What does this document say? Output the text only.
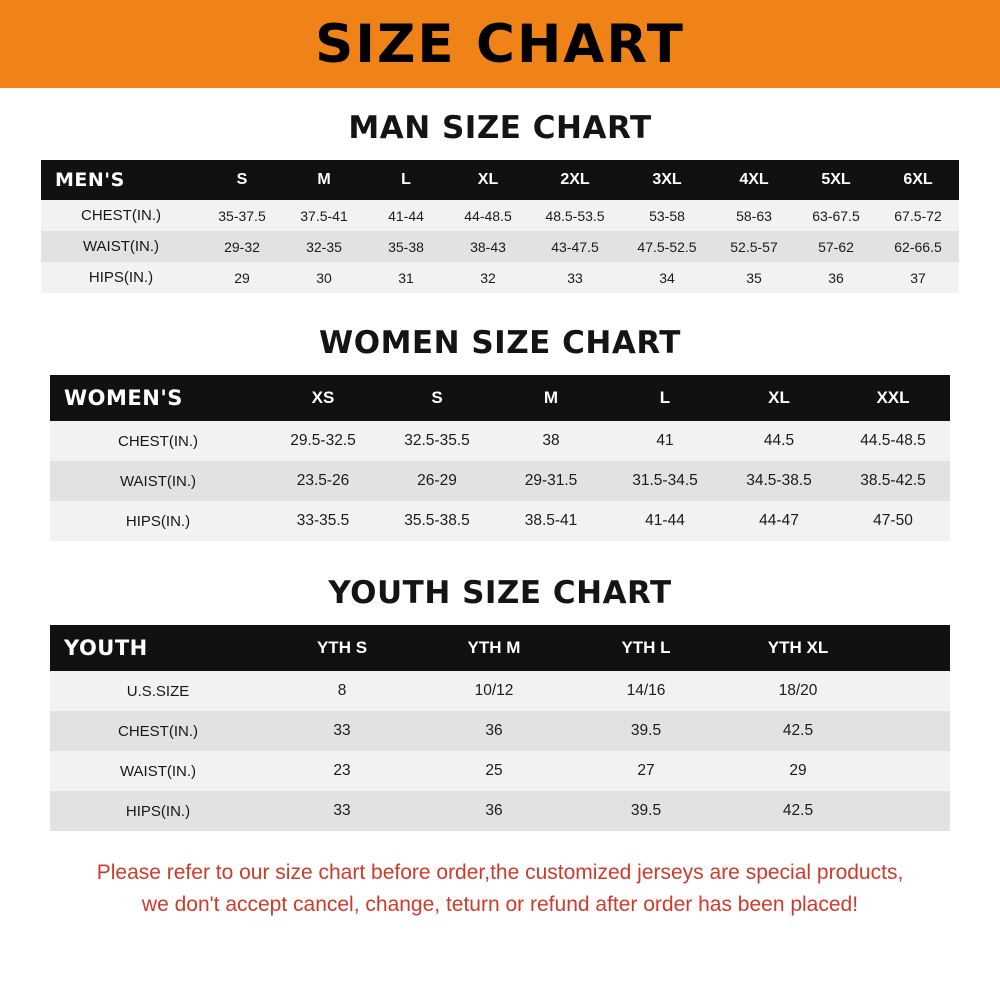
SIZE CHART
MAN SIZE CHART
MEN'S	S	M	L	XL	2XL	3XL	4XL	5XL	6XL
CHEST(IN.)	35-37.5	37.5-41	41-44	44-48.5	48.5-53.5	53-58	58-63	63-67.5	67.5-72
WAIST(IN.)	29-32	32-35	35-38	38-43	43-47.5	47.5-52.5	52.5-57	57-62	62-66.5
HIPS(IN.)	29	30	31	32	33	34	35	36	37
WOMEN SIZE CHART
WOMEN'S	XS	S	M	L	XL	XXL
CHEST(IN.)	29.5-32.5	32.5-35.5	38	41	44.5	44.5-48.5
WAIST(IN.)	23.5-26	26-29	29-31.5	31.5-34.5	34.5-38.5	38.5-42.5
HIPS(IN.)	33-35.5	35.5-38.5	38.5-41	41-44	44-47	47-50
YOUTH SIZE CHART
YOUTH	YTH S	YTH M	YTH L	YTH XL	
U.S.SIZE	8	10/12	14/16	18/20	
CHEST(IN.)	33	36	39.5	42.5	
WAIST(IN.)	23	25	27	29	
HIPS(IN.)	33	36	39.5	42.5	
Please refer to our size chart before order,the customized jerseys are special products,
we don't accept cancel, change, teturn or refund after order has been placed!
